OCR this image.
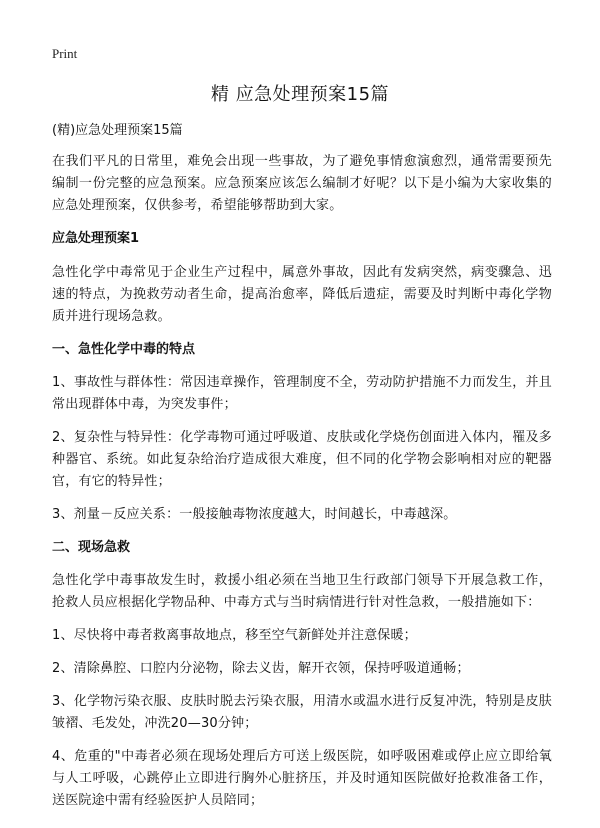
Print
精 应急处理预案15篇

(精)应急处理预案15篇

在我们平凡的日常里，难免会出现一些事故，为了避免事情愈演愈烈，通常需要预先编制一份完整的应急预案。应急预案应该怎么编制才好呢？以下是小编为大家收集的应急处理预案，仅供参考，希望能够帮助到大家。

应急处理预案1

急性化学中毒常见于企业生产过程中，属意外事故，因此有发病突然，病变骤急、迅速的特点，为挽救劳动者生命，提高治愈率，降低后遗症，需要及时判断中毒化学物质并进行现场急救。

一、急性化学中毒的特点

1、事故性与群体性：常因违章操作，管理制度不全，劳动防护措施不力而发生，并且常出现群体中毒，为突发事件；

2、复杂性与特异性：化学毒物可通过呼吸道、皮肤或化学烧伤创面进入体内，罹及多种器官、系统。如此复杂给治疗造成很大难度，但不同的化学物会影响相对应的靶器官，有它的特异性；

3、剂量－反应关系：一般接触毒物浓度越大，时间越长，中毒越深。

二、现场急救

急性化学中毒事故发生时，救援小组必须在当地卫生行政部门领导下开展急救工作，抢救人员应根据化学物品种、中毒方式与当时病情进行针对性急救，一般措施如下：

1、尽快将中毒者救离事故地点，移至空气新鲜处并注意保暖；

2、清除鼻腔、口腔内分泌物，除去义齿，解开衣领，保持呼吸道通畅；

3、化学物污染衣服、皮肤时脱去污染衣服，用清水或温水进行反复冲洗，特别是皮肤皱褶、毛发处，冲洗20—30分钟；

4、危重的"中毒者必须在现场处理后方可送上级医院，如呼吸困难或停止应立即给氧与人工呼吸，心跳停止立即进行胸外心脏挤压，并及时通知医院做好抢救准备工作，送医院途中需有经验医护人员陪同；
